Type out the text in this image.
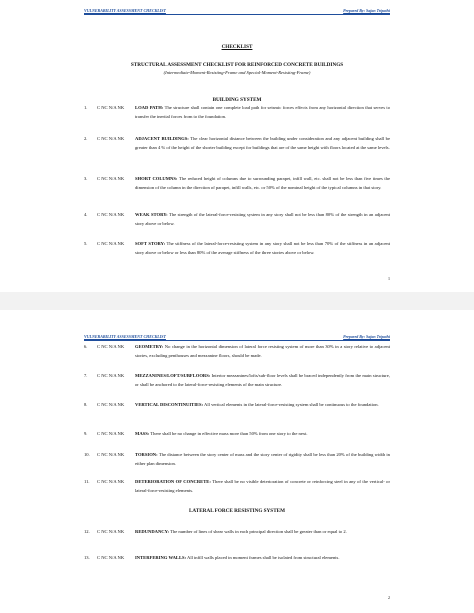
VULNERABILITY ASSESSMENT CHECKLIST	Prepared By: Sajan Tripathi
CHECKLIST
STRUCTURAL ASSESSMENT CHECKLIST FOR REINFORCED CONCRETE BUILDINGS
(Intermediate-Moment-Resisting-Frame and Special-Moment-Resisting-Frame)
BUILDING SYSTEM
1. C NC N/A NK LOAD PATH: The structure shall contain one complete load path for seismic forces effects from any horizontal direction that serves to transfer the inertial forces from to the foundation.
2. C NC N/A NK ADJACENT BUILDINGS: The clear horizontal distance between the building under consideration and any adjacent building shall be greater than 4 % of the height of the shorter building except for buildings that are of the same height with floors located at the same levels.
3. C NC N/A NK SHORT COLUMNS: The reduced height of columns due to surrounding parapet, infill wall, etc. shall not be less than five times the dimension of the column in the direction of parapet, infill walls, etc. or 50% of the nominal height of the typical columns in that story.
4. C NC N/A NK WEAK STORY: The strength of the lateral-force-resisting system in any story shall not be less than 80% of the strength in an adjacent story above or below.
5. C NC N/A NK SOFT STORY: The stiffness of the lateral-force-resisting system in any story shall not be less than 70% of the stiffness in an adjacent story above or below or less than 80% of the average stiffness of the three stories above or below.
1
VULNERABILITY ASSESSMENT CHECKLIST	Prepared By: Sajan Tripathi
6. C NC N/A NK GEOMETRY: No change in the horizontal dimension of lateral force resisting system of more than 30% in a story relative to adjacent stories, excluding penthouses and mezzanine floors, should be made.
7. C NC N/A NK MEZZANINES/LOFT/SUBFLOORS: Interior mezzanines/lofts/sub-floor levels shall be braced independently from the main structure, or shall be anchored to the lateral-force-resisting elements of the main structure.
8. C NC N/A NK VERTICAL DISCONTINUITIES: All vertical elements in the lateral-force-resisting system shall be continuous to the foundation.
9. C NC N/A NK MASS: There shall be no change in effective mass more than 50% from one story to the next.
10. C NC N/A NK TORSION: The distance between the story center of mass and the story center of rigidity shall be less than 20% of the building width in either plan dimension.
11. C NC N/A NK DETERIORATION OF CONCRETE: There shall be no visible deterioration of concrete or reinforcing steel in any of the vertical- or lateral-force-resisting elements.
LATERAL FORCE RESISTING SYSTEM
12. C NC N/A NK REDUNDANCY: The number of lines of shear walls in each principal direction shall be greater than or equal to 2.
13. C NC N/A NK INTERFERING WALLS: All infill walls placed in moment frames shall be isolated from structural elements.
2
